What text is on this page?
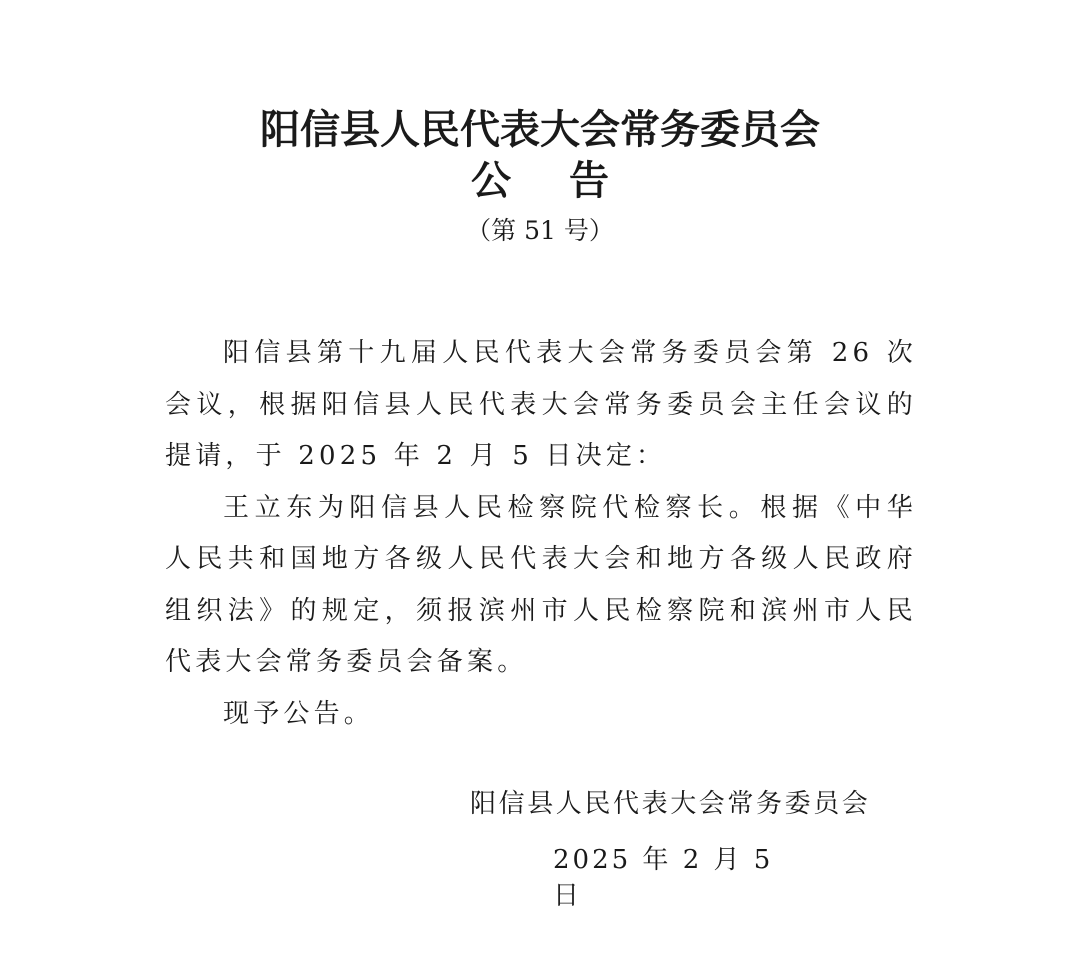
阳信县人民代表大会常务委员会
公 告
（第 51 号）

阳信县第十九届人民代表大会常务委员会第 26 次会议，根据阳信县人民代表大会常务委员会主任会议的提请，于 2025 年 2 月 5 日决定：

王立东为阳信县人民检察院代检察长。根据《中华人民共和国地方各级人民代表大会和地方各级人民政府组织法》的规定，须报滨州市人民检察院和滨州市人民代表大会常务委员会备案。

现予公告。

阳信县人民代表大会常务委员会
2025 年 2 月 5 日
